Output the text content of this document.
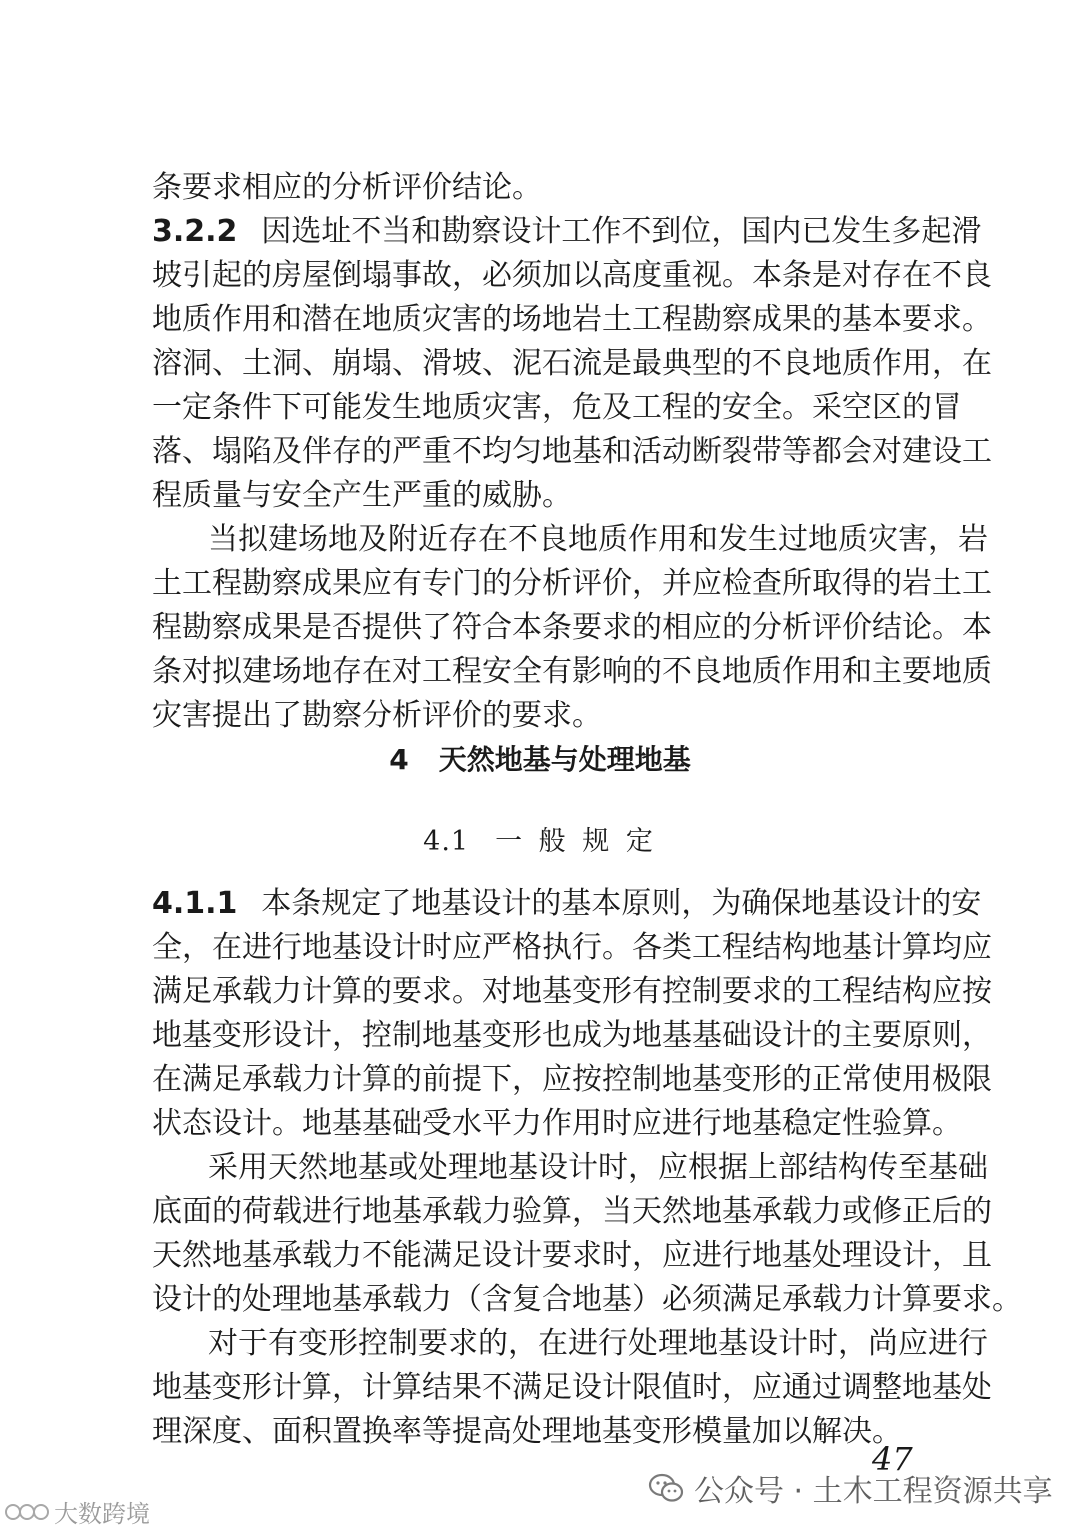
条要求相应的分析评价结论。
3.2.2 因选址不当和勘察设计工作不到位，国内已发生多起滑
坡引起的房屋倒塌事故，必须加以高度重视。本条是对存在不良
地质作用和潜在地质灾害的场地岩土工程勘察成果的基本要求。
溶洞、土洞、崩塌、滑坡、泥石流是最典型的不良地质作用，在
一定条件下可能发生地质灾害，危及工程的安全。采空区的冒
落、塌陷及伴存的严重不均匀地基和活动断裂带等都会对建设工
程质量与安全产生严重的威胁。
当拟建场地及附近存在不良地质作用和发生过地质灾害，岩
土工程勘察成果应有专门的分析评价，并应检查所取得的岩土工
程勘察成果是否提供了符合本条要求的相应的分析评价结论。本
条对拟建场地存在对工程安全有影响的不良地质作用和主要地质
灾害提出了勘察分析评价的要求。
4 天然地基与处理地基
4.1 一 般 规 定
4.1.1 本条规定了地基设计的基本原则，为确保地基设计的安
全，在进行地基设计时应严格执行。各类工程结构地基计算均应
满足承载力计算的要求。对地基变形有控制要求的工程结构应按
地基变形设计，控制地基变形也成为地基基础设计的主要原则，
在满足承载力计算的前提下，应按控制地基变形的正常使用极限
状态设计。地基基础受水平力作用时应进行地基稳定性验算。
采用天然地基或处理地基设计时，应根据上部结构传至基础
底面的荷载进行地基承载力验算，当天然地基承载力或修正后的
天然地基承载力不能满足设计要求时，应进行地基处理设计，且
设计的处理地基承载力（含复合地基）必须满足承载力计算要求。
对于有变形控制要求的，在进行处理地基设计时，尚应进行
地基变形计算，计算结果不满足设计限值时，应通过调整地基处
理深度、面积置换率等提高处理地基变形模量加以解决。
47
公众号 · 土木工程资源共享
大数跨境
